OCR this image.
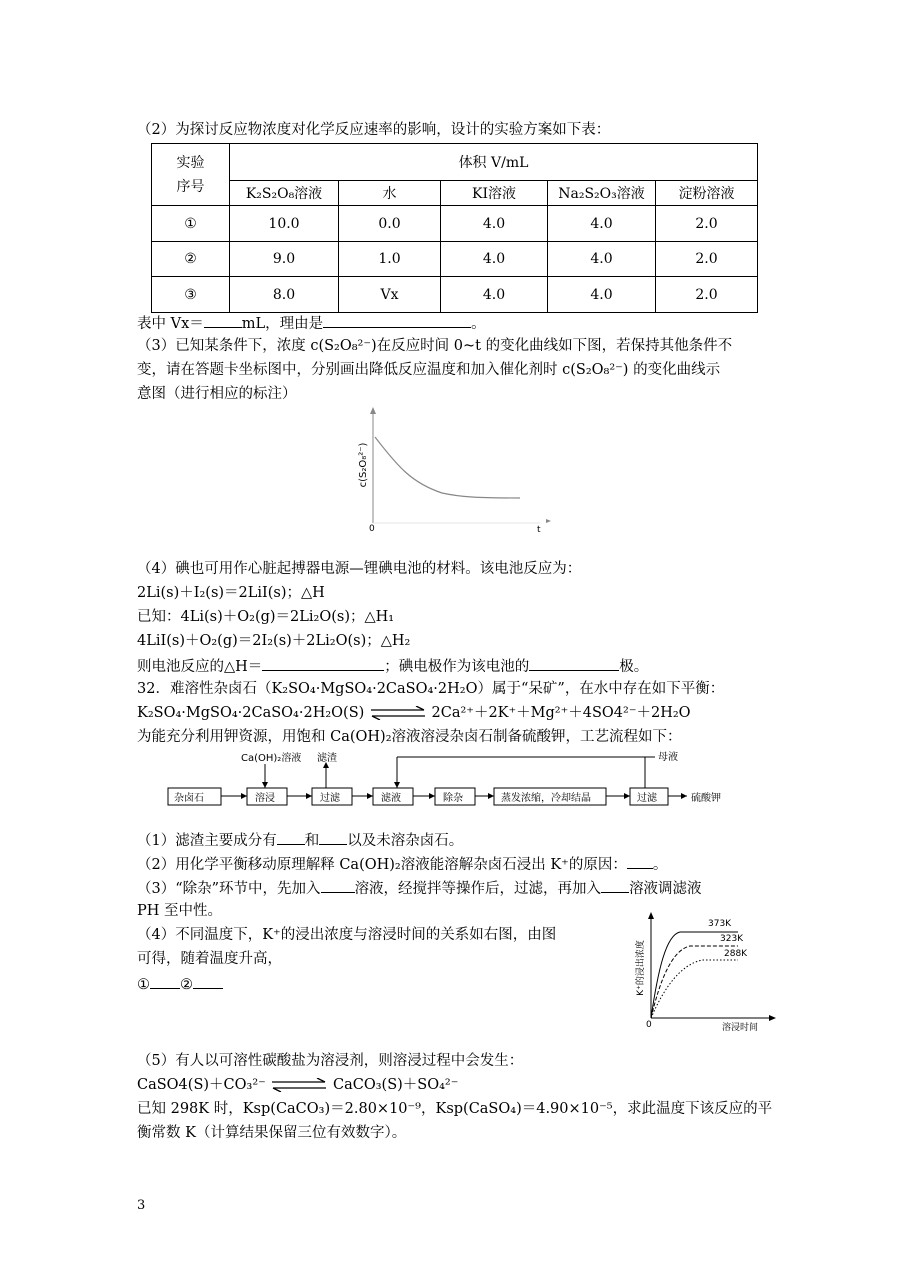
（2）为探讨反应物浓度对化学反应速率的影响，设计的实验方案如下表：
实验
序号	体积 V/mL				
	K₂S₂O₈溶液	水	KI溶液	Na₂S₂O₃溶液	淀粉溶液
①	10.0	0.0	4.0	4.0	2.0
②	9.0	1.0	4.0	4.0	2.0
③	8.0	Vx	4.0	4.0	2.0
表中 Vx＝	mL，理由是	。
（3）已知某条件下，浓度 c(S₂O₈²⁻)在反应时间 0~t 的变化曲线如下图，若保持其他条件不
变，请在答题卡坐标图中，分别画出降低反应温度和加入催化剂时 c(S₂O₈²⁻) 的变化曲线示
意图（进行相应的标注）
c(S₂O₈²⁻)
0	t
（4）碘也可用作心脏起搏器电源—锂碘电池的材料。该电池反应为：
2Li(s)＋I₂(s)＝2LiI(s)；△H
已知：4Li(s)＋O₂(g)＝2Li₂O(s)；△H₁
4LiI(s)＋O₂(g)＝2I₂(s)＋2Li₂O(s)；△H₂
则电池反应的△H＝	；碘电极作为该电池的	极。
32．难溶性杂卤石（K₂SO₄·MgSO₄·2CaSO₄·2H₂O）属于“呆矿”，在水中存在如下平衡：
K₂SO₄·MgSO₄·2CaSO₄·2H₂O(S) ⇌ 2Ca²⁺＋2K⁺＋Mg²⁺＋4SO4²⁻＋2H₂O
为能充分利用钾资源，用饱和 Ca(OH)₂溶液溶浸杂卤石制备硫酸钾，工艺流程如下：
Ca(OH)₂溶液 滤渣	母液
杂卤石	溶浸	过滤	滤液	除杂	蒸发浓缩，冷却结晶	过滤	硫酸钾
（1）滤渣主要成分有 和 以及未溶杂卤石。
（2）用化学平衡移动原理解释 Ca(OH)₂溶液能溶解杂卤石浸出 K⁺的原因： 。
（3）“除杂”环节中，先加入 溶液，经搅拌等操作后，过滤，再加入 溶液调滤液
PH 至中性。
（4）不同温度下，K⁺的浸出浓度与溶浸时间的关系如右图，由图
可得，随着温度升高，
① ②
373K
323K
288K
K⁺的浸出浓度
0	溶浸时间
（5）有人以可溶性碳酸盐为溶浸剂，则溶浸过程中会发生：
CaSO4(S)＋CO₃²⁻ ⇌ CaCO₃(S)＋SO₄²⁻
已知 298K 时，Ksp(CaCO₃)＝2.80×10⁻⁹，Ksp(CaSO₄)＝4.90×10⁻⁵，求此温度下该反应的平
衡常数 K（计算结果保留三位有效数字）。
3
